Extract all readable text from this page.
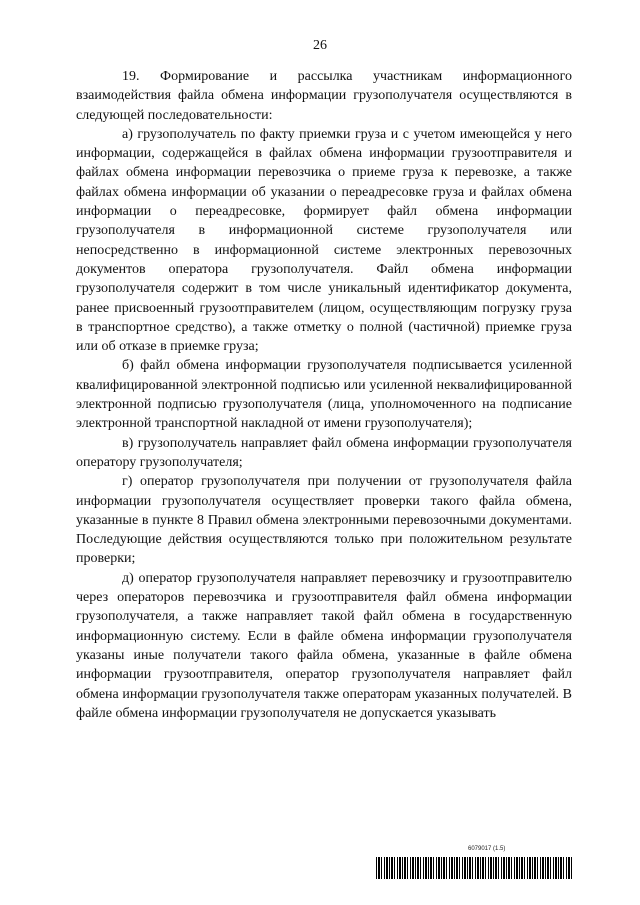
26

19. Формирование и рассылка участникам информационного взаимодействия файла обмена информации грузополучателя осуществляются в следующей последовательности:

а) грузополучатель по факту приемки груза и с учетом имеющейся у него информации, содержащейся в файлах обмена информации грузоотправителя и файлах обмена информации перевозчика о приеме груза к перевозке, а также файлах обмена информации об указании о переадресовке груза и файлах обмена информации о переадресовке, формирует файл обмена информации грузополучателя в информационной системе грузополучателя или непосредственно в информационной системе электронных перевозочных документов оператора грузополучателя. Файл обмена информации грузополучателя содержит в том числе уникальный идентификатор документа, ранее присвоенный грузоотправителем (лицом, осуществляющим погрузку груза в транспортное средство), а также отметку о полной (частичной) приемке груза или об отказе в приемке груза;

б) файл обмена информации грузополучателя подписывается усиленной квалифицированной электронной подписью или усиленной неквалифицированной электронной подписью грузополучателя (лица, уполномоченного на подписание электронной транспортной накладной от имени грузополучателя);

в) грузополучатель направляет файл обмена информации грузополучателя оператору грузополучателя;

г) оператор грузополучателя при получении от грузополучателя файла информации грузополучателя осуществляет проверки такого файла обмена, указанные в пункте 8 Правил обмена электронными перевозочными документами. Последующие действия осуществляются только при положительном результате проверки;

д) оператор грузополучателя направляет перевозчику и грузоотправителю через операторов перевозчика и грузоотправителя файл обмена информации грузополучателя, а также направляет такой файл обмена в государственную информационную систему. Если в файле обмена информации грузополучателя указаны иные получатели такого файла обмена, указанные в файле обмена информации грузоотправителя, оператор грузополучателя направляет файл обмена информации грузополучателя также операторам указанных получателей. В файле обмена информации грузополучателя не допускается указывать

6079017 (1.5)
